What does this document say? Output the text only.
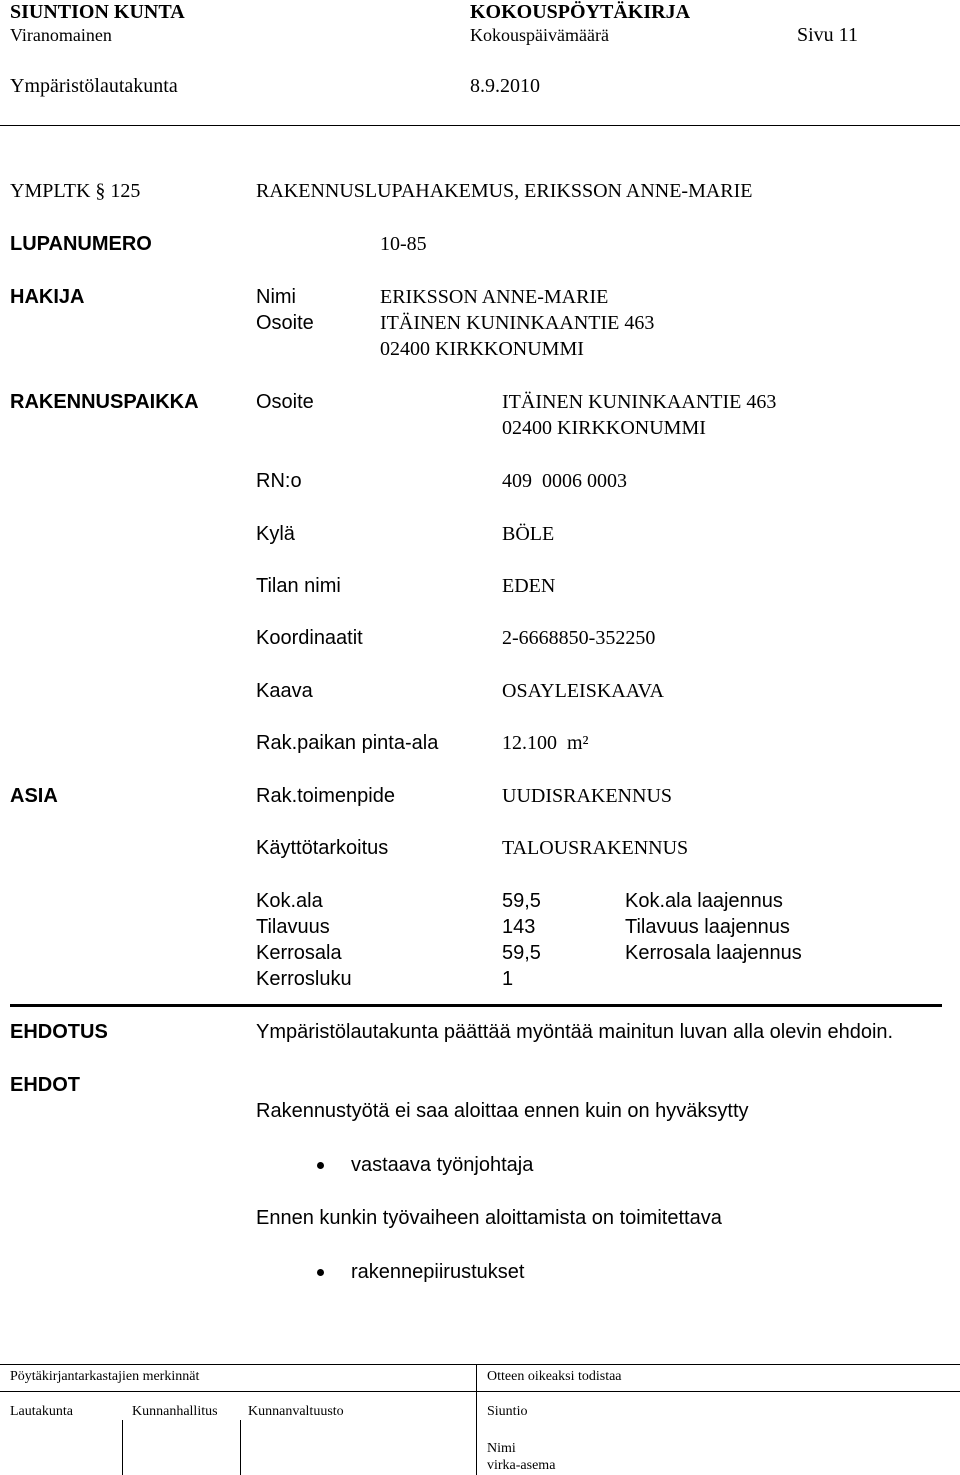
SIUNTION KUNTA	KOKOUSPÖYTÄKIRJA
Viranomainen	Kokouspäivämäärä	Sivu 11
Ympäristölautakunta	8.9.2010
YMPLTK § 125	RAKENNUSLUPAHAKEMUS, ERIKSSON ANNE-MARIE
LUPANUMERO	10-85
HAKIJA	Nimi	ERIKSSON ANNE-MARIE
Osoite	ITÄINEN KUNINKAANTIE 463
02400 KIRKKONUMMI
RAKENNUSPAIKKA	Osoite	ITÄINEN KUNINKAANTIE 463
02400 KIRKKONUMMI
RN:o	409  0006 0003
Kylä	BÖLE
Tilan nimi	EDEN
Koordinaatit	2-6668850-352250
Kaava	OSAYLEISKAAVA
Rak.paikan pinta-ala	12.100  m²
ASIA	Rak.toimenpide	UUDISRAKENNUS
Käyttötarkoitus	TALOUSRAKENNUS
Kok.ala	59,5	Kok.ala laajennus
Tilavuus	143	Tilavuus laajennus
Kerrosala	59,5	Kerrosala laajennus
Kerrosluku	1
EHDOTUS	Ympäristölautakunta päättää myöntää mainitun luvan alla olevin ehdoin.
EHDOT
Rakennustyötä ei saa aloittaa ennen kuin on hyväksytty
vastaava työnjohtaja
Ennen kunkin työvaiheen aloittamista on toimitettava
rakennepiirustukset
Pöytäkirjantarkastajien merkinnät	Otteen oikeaksi todistaa
Lautakunta	Kunnanhallitus Kunnanvaltuusto	Siuntio
Nimi
virka-asema
